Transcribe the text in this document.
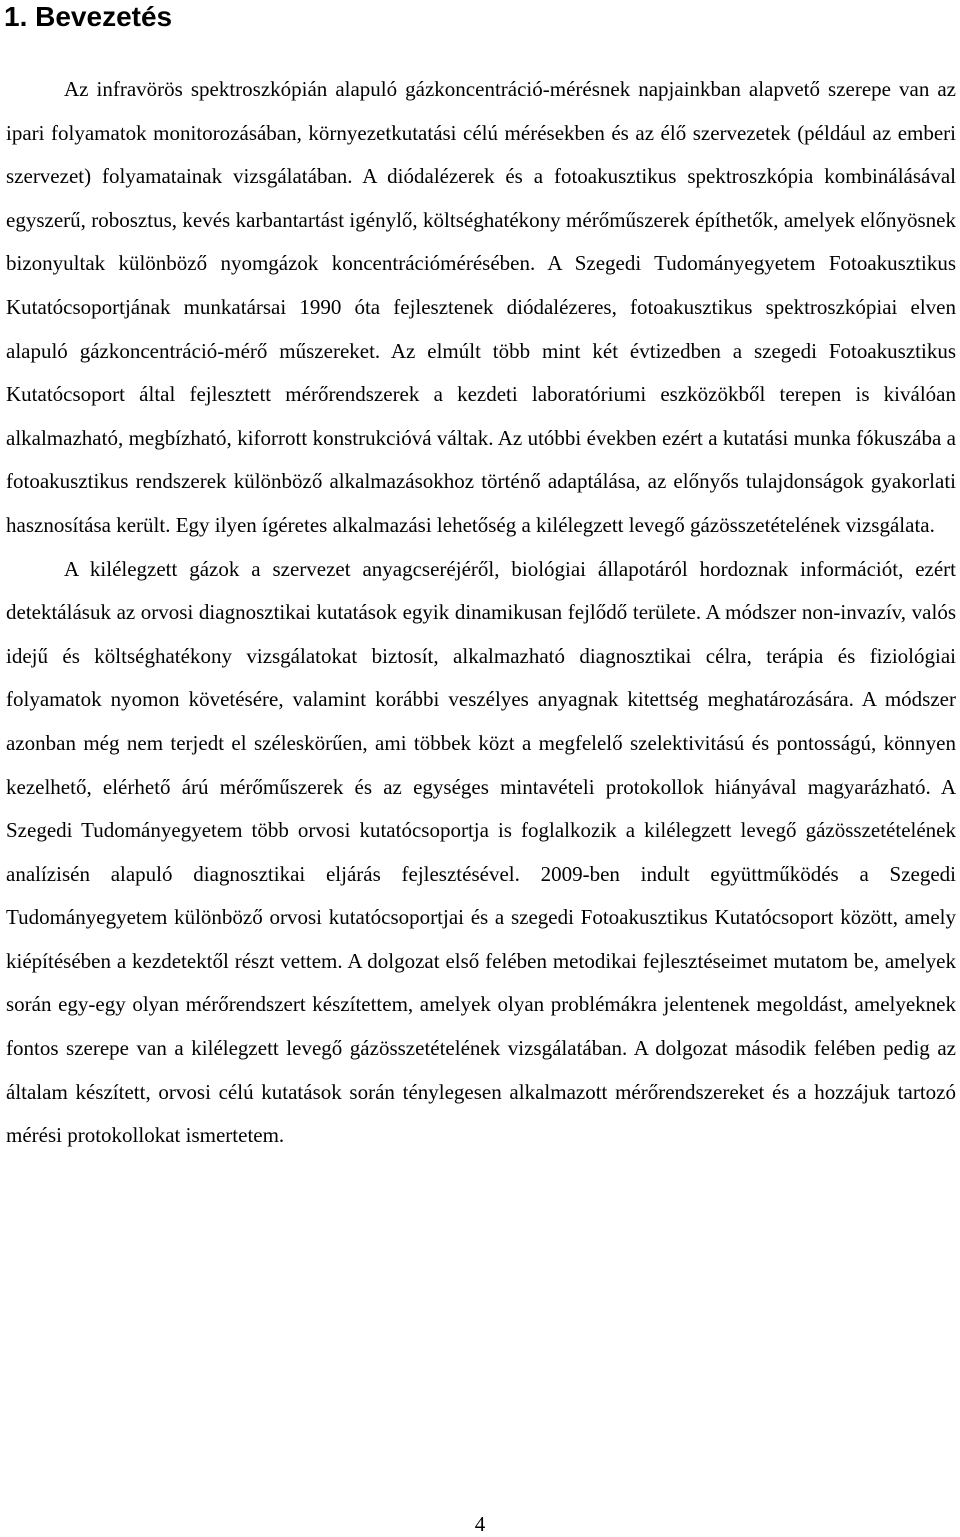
1. Bevezetés

Az infravörös spektroszkópián alapuló gázkoncentráció-mérésnek napjainkban alapvető szerepe van az ipari folyamatok monitorozásában, környezetkutatási célú mérésekben és az élő szervezetek (például az emberi szervezet) folyamatainak vizsgálatában. A diódalézerek és a fotoakusztikus spektroszkópia kombinálásával egyszerű, robosztus, kevés karbantartást igénylő, költséghatékony mérőműszerek építhetők, amelyek előnyösnek bizonyultak különböző nyomgázok koncentrációmérésében. A Szegedi Tudományegyetem Fotoakusztikus Kutatócsoportjának munkatársai 1990 óta fejlesztenek diódalézeres, fotoakusztikus spektroszkópiai elven alapuló gázkoncentráció-mérő műszereket. Az elmúlt több mint két évtizedben a szegedi Fotoakusztikus Kutatócsoport által fejlesztett mérőrendszerek a kezdeti laboratóriumi eszközökből terepen is kiválóan alkalmazható, megbízható, kiforrott konstrukcióvá váltak. Az utóbbi években ezért a kutatási munka fókuszába a fotoakusztikus rendszerek különböző alkalmazásokhoz történő adaptálása, az előnyős tulajdonságok gyakorlati hasznosítása került. Egy ilyen ígéretes alkalmazási lehetőség a kilélegzett levegő gázösszetételének vizsgálata.

A kilélegzett gázok a szervezet anyagcseréjéről, biológiai állapotáról hordoznak információt, ezért detektálásuk az orvosi diagnosztikai kutatások egyik dinamikusan fejlődő területe. A módszer non-invazív, valós idejű és költséghatékony vizsgálatokat biztosít, alkalmazható diagnosztikai célra, terápia és fiziológiai folyamatok nyomon követésére, valamint korábbi veszélyes anyagnak kitettség meghatározására. A módszer azonban még nem terjedt el széleskörűen, ami többek közt a megfelelő szelektivitású és pontosságú, könnyen kezelhető, elérhető árú mérőműszerek és az egységes mintavételi protokollok hiányával magyarázható. A Szegedi Tudományegyetem több orvosi kutatócsoportja is foglalkozik a kilélegzett levegő gázösszetételének analízisén alapuló diagnosztikai eljárás fejlesztésével. 2009-ben indult együttműködés a Szegedi Tudományegyetem különböző orvosi kutatócsoportjai és a szegedi Fotoakusztikus Kutatócsoport között, amely kiépítésében a kezdetektől részt vettem. A dolgozat első felében metodikai fejlesztéseimet mutatom be, amelyek során egy-egy olyan mérőrendszert készítettem, amelyek olyan problémákra jelentenek megoldást, amelyeknek fontos szerepe van a kilélegzett levegő gázösszetételének vizsgálatában. A dolgozat második felében pedig az általam készített, orvosi célú kutatások során ténylegesen alkalmazott mérőrendszereket és a hozzájuk tartozó mérési protokollokat ismertetem.

4
